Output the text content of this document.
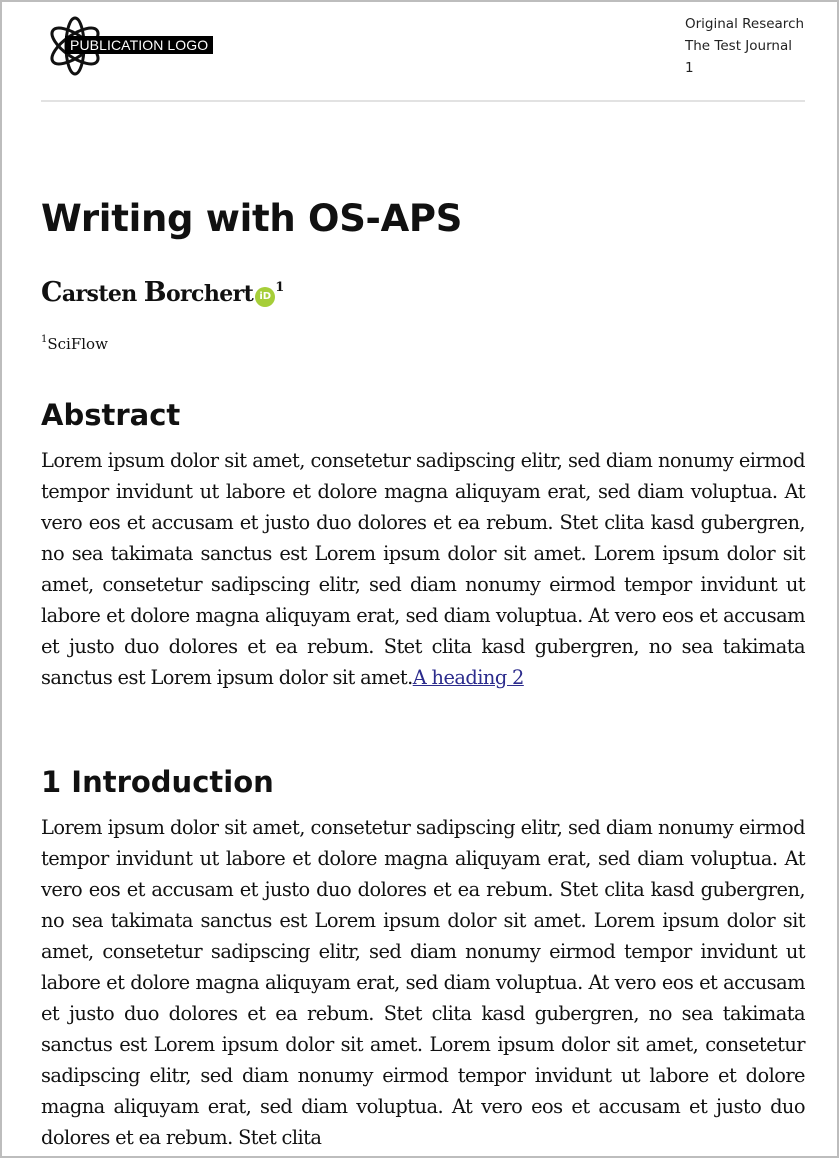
PUBLICATION LOGO
Original Research
The Test Journal
1
Writing with OS-APS
Carsten Borchert $iD^1$
$^1$SciFlow
Abstract
Lorem ipsum dolor sit amet, consetetur sadipscing elitr, sed diam nonumy eirmod tempor invidunt ut labore et dolore magna aliquyam erat, sed diam voluptua. At vero eos et accusam et justo duo dolores et ea rebum. Stet clita kasd gubergren, no sea takimata sanctus est Lorem ipsum dolor sit amet. Lorem ipsum dolor sit amet, consetetur sadipscing elitr, sed diam nonumy eirmod tempor invidunt ut labore et dolore magna aliquyam erat, sed diam voluptua. At vero eos et accusam et justo duo dolores et ea rebum. Stet clita kasd gubergren, no sea takimata sanctus est Lorem ipsum dolor sit amet.A heading 2
1 Introduction
Lorem ipsum dolor sit amet, consetetur sadipscing elitr, sed diam nonumy eirmod tempor invidunt ut labore et dolore magna aliquyam erat, sed diam voluptua. At vero eos et accusam et justo duo dolores et ea rebum. Stet clita kasd gubergren, no sea takimata sanctus est Lorem ipsum dolor sit amet. Lorem ipsum dolor sit amet, consetetur sadipscing elitr, sed diam nonumy eirmod tempor invidunt ut labore et dolore magna aliquyam erat, sed diam voluptua. At vero eos et accusam et justo duo dolores et ea rebum. Stet clita kasd gubergren, no sea takimata sanctus est Lorem ipsum dolor sit amet. Lorem ipsum dolor sit amet, consetetur sadipscing elitr, sed diam nonumy eirmod tempor invidunt ut labore et dolore magna aliquyam erat, sed diam voluptua. At vero eos et accusam et justo duo dolores et ea rebum. Stet clita
